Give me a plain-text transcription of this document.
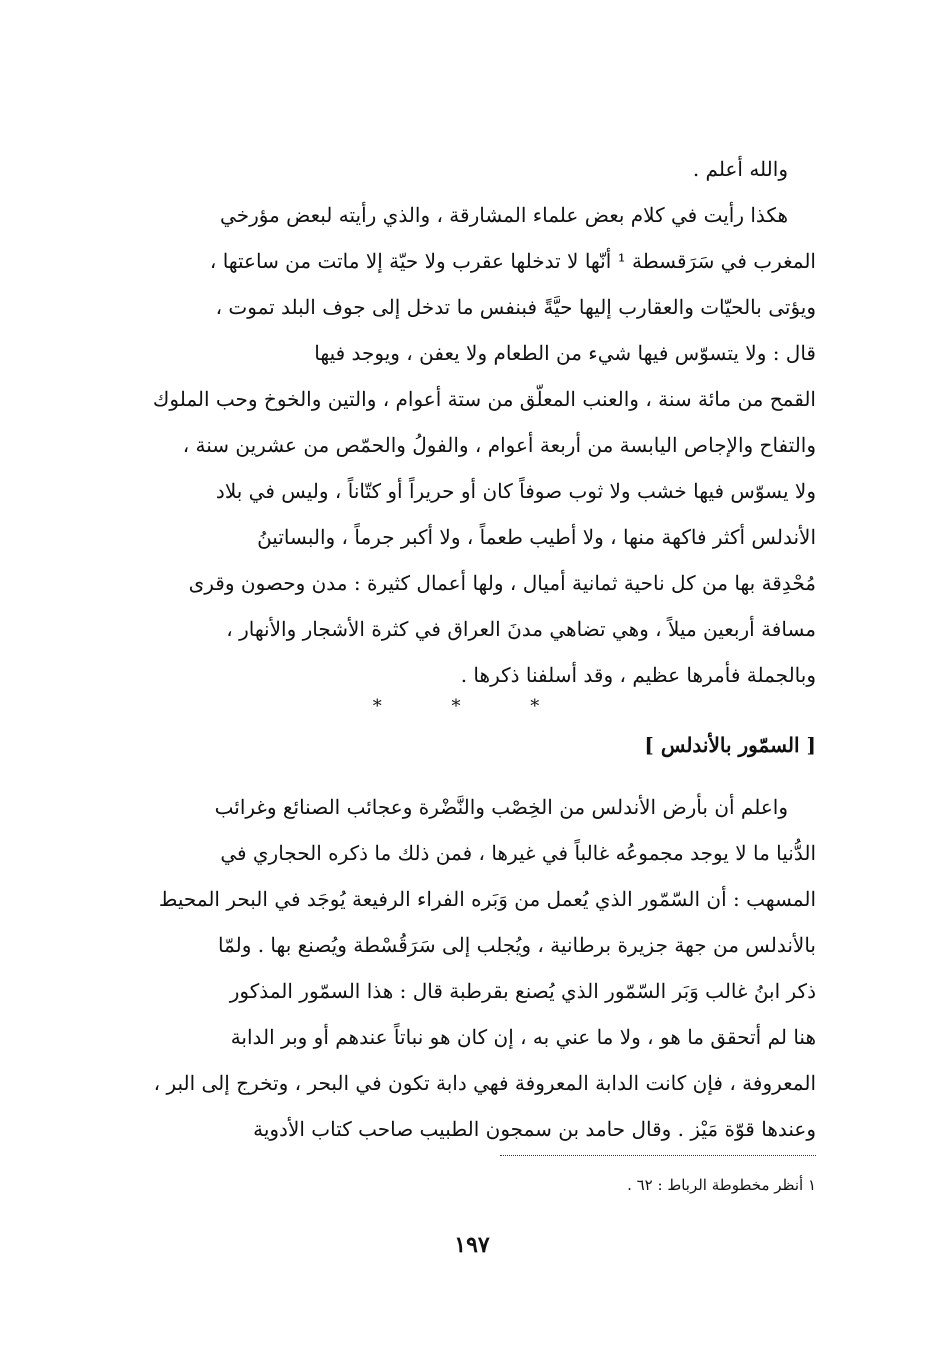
والله أعلم .
هكذا رأيت في كلام بعض علماء المشارقة ، والذي رأيته لبعض مؤرخي
المغرب في سَرَقسطة ¹ أنّها لا تدخلها عقرب ولا حيّة إلا ماتت من ساعتها ،
ويؤتى بالحيّات والعقارب إليها حيَّةً فبنفس ما تدخل إلى جوف البلد تموت ،
قال : ولا يتسوّس فيها شيء من الطعام ولا يعفن ، ويوجد فيها
القمح من مائة سنة ، والعنب المعلّق من ستة أعوام ، والتين والخوخ وحب الملوك
والتفاح والإجاص اليابسة من أربعة أعوام ، والفولُ والحمّص من عشرين سنة ،
ولا يسوّس فيها خشب ولا ثوب صوفاً كان أو حريراً أو كتّاناً ، وليس في بلاد
الأندلس أكثر فاكهة منها ، ولا أطيب طعماً ، ولا أكبر جرماً ، والبساتينُ
مُحْدِقة بها من كل ناحية ثمانية أميال ، ولها أعمال كثيرة : مدن وحصون وقرى
مسافة أربعين ميلاً ، وهي تضاهي مدنَ العراق في كثرة الأشجار والأنهار ،
وبالجملة فأمرها عظيم ، وقد أسلفنا ذكرها .
* * *
[ السمّور بالأندلس ]
واعلم أن بأرض الأندلس من الخِصْب والنَّضْرة وعجائب الصنائع وغرائب
الدُّنيا ما لا يوجد مجموعُه غالباً في غيرها ، فمن ذلك ما ذكره الحجاري في
المسهب : أن السّمّور الذي يُعمل من وَبَره الفراء الرفيعة يُوجَد في البحر المحيط
بالأندلس من جهة جزيرة برطانية ، ويُجلب إلى سَرَقُسْطة ويُصنع بها . ولمّا
ذكر ابنُ غالب وَبَر السّمّور الذي يُصنع بقرطبة قال : هذا السمّور المذكور
هنا لم أتحقق ما هو ، ولا ما عني به ، إن كان هو نباتاً عندهم أو وبر الدابة
المعروفة ، فإن كانت الدابة المعروفة فهي دابة تكون في البحر ، وتخرج إلى البر ،
وعندها قوّة مَيْز . وقال حامد بن سمجون الطبيب صاحب كتاب الأدوية
١ أنظر مخطوطة الرباط : ٦٢ .
١٩٧
